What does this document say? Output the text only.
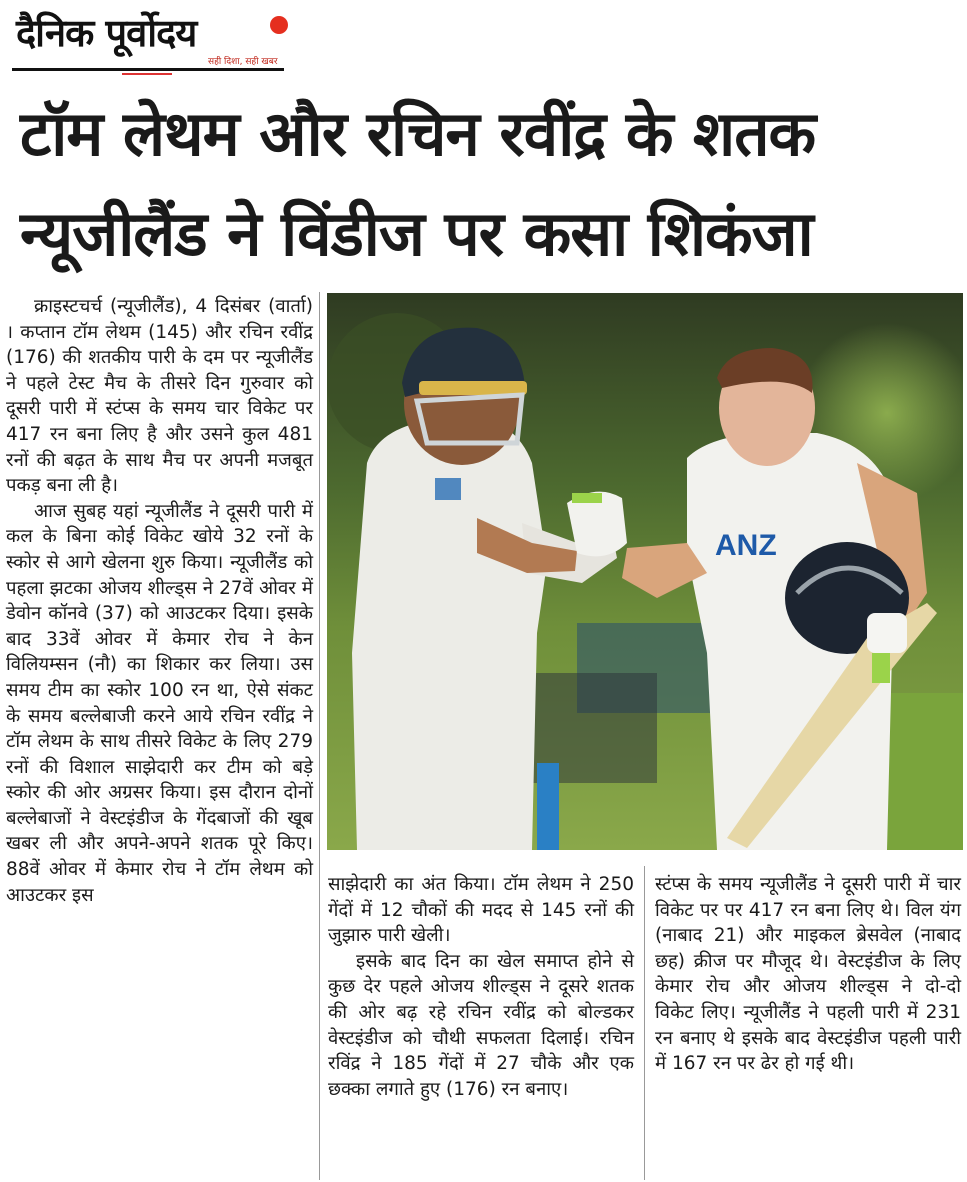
दैनिक पूर्वोदय
सही दिशा, सही खबर
टॉम लेथम और रचिन रवींद्र के शतक
न्यूजीलैंड ने विंडीज पर कसा शिकंजा

क्राइस्टचर्च (न्यूजीलैंड), 4 दिसंबर (वार्ता) । कप्तान टॉम लेथम (145) और रचिन रवींद्र (176) की शतकीय पारी के दम पर न्यूजीलैंड ने पहले टेस्ट मैच के तीसरे दिन गुरुवार को दूसरी पारी में स्टंप्स के समय चार विकेट पर 417 रन बना लिए है और उसने कुल 481 रनों की बढ़त के साथ मैच पर अपनी मजबूत पकड़ बना ली है।

आज सुबह यहां न्यूजीलैंड ने दूसरी पारी में कल के बिना कोई विकेट खोये 32 रनों के स्कोर से आगे खेलना शुरु किया। न्यूजीलैंड को पहला झटका ओजय शील्ड्स ने 27वें ओवर में डेवोन कॉनवे (37) को आउटकर दिया। इसके बाद 33वें ओवर में केमार रोच ने केन विलियम्सन (नौ) का शिकार कर लिया। उस समय टीम का स्कोर 100 रन था, ऐसे संकट के समय बल्लेबाजी करने आये रचिन रवींद्र ने टॉम लेथम के साथ तीसरे विकेट के लिए 279 रनों की विशाल साझेदारी कर टीम को बड़े स्कोर की ओर अग्रसर किया। इस दौरान दोनों बल्लेबाजों ने वेस्टइंडीज के गेंदबाजों की खूब खबर ली और अपने-अपने शतक पूरे किए। 88वें ओवर में केमार रोच ने टॉम लेथम को आउटकर इस

ANZ

साझेदारी का अंत किया। टॉम लेथम ने 250 गेंदों में 12 चौकों की मदद से 145 रनों की जुझारु पारी खेली।

इसके बाद दिन का खेल समाप्त होने से कुछ देर पहले ओजय शील्ड्स ने दूसरे शतक की ओर बढ़ रहे रचिन रवींद्र को बोल्डकर वेस्टइंडीज को चौथी सफलता दिलाई। रचिन रविंद्र ने 185 गेंदों में 27 चौके और एक छक्का लगाते हुए (176) रन बनाए।

स्टंप्स के समय न्यूजीलैंड ने दूसरी पारी में चार विकेट पर पर 417 रन बना लिए थे। विल यंग (नाबाद 21) और माइकल ब्रेसवेल (नाबाद छह) क्रीज पर मौजूद थे। वेस्टइंडीज के लिए केमार रोच और ओजय शील्ड्स ने दो-दो विकेट लिए। न्यूजीलैंड ने पहली पारी में 231 रन बनाए थे इसके बाद वेस्टइंडीज पहली पारी में 167 रन पर ढेर हो गई थी।
